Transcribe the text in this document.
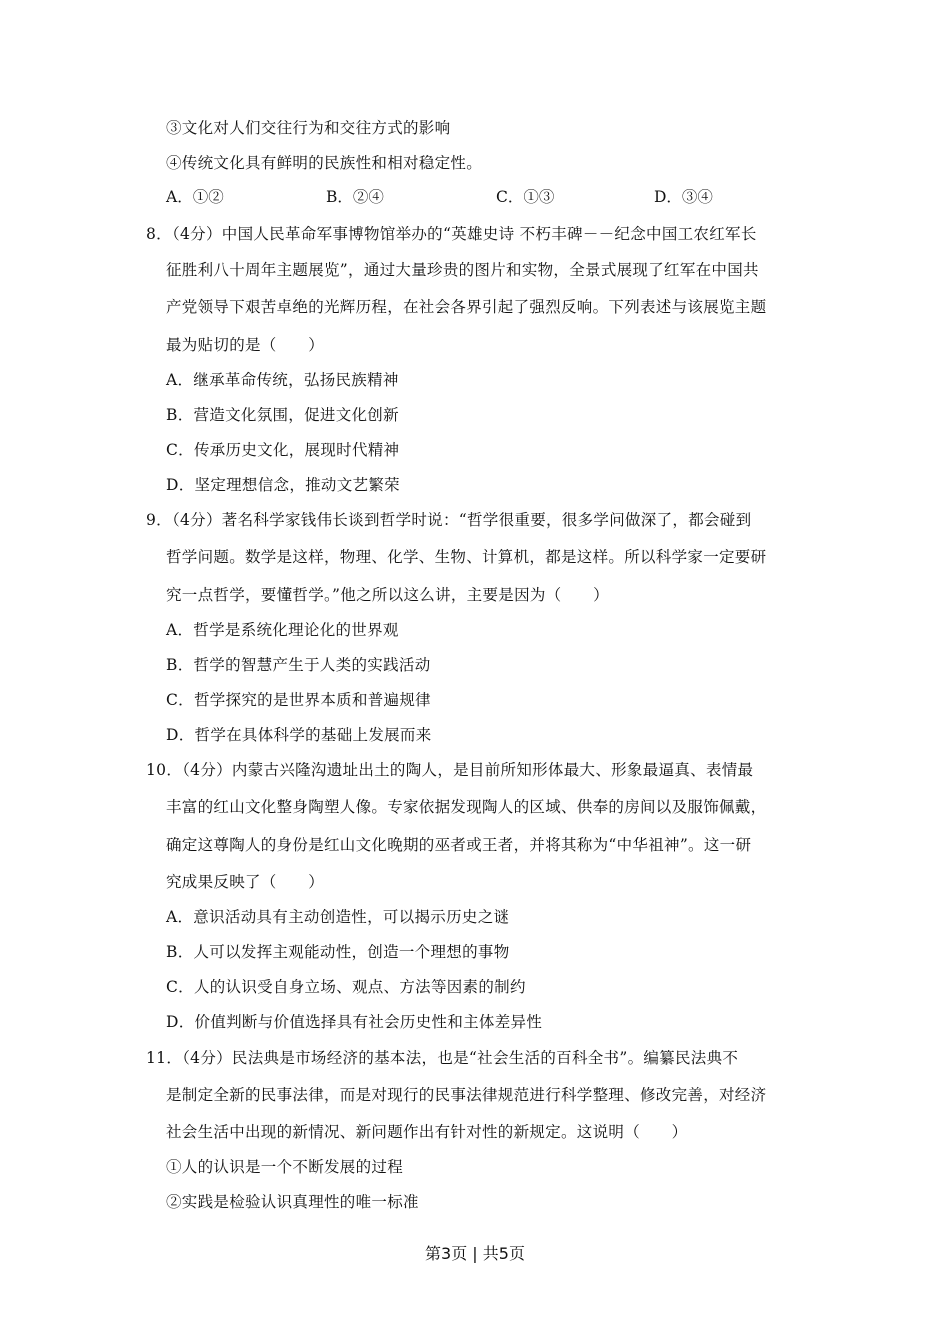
③文化对人们交往行为和交往方式的影响
④传统文化具有鲜明的民族性和相对稳定性。
A．①②	B．②④	C．①③	D．③④
8．（4分）中国人民革命军事博物馆举办的“英雄史诗 不朽丰碑－－纪念中国工农红军长
征胜利八十周年主题展览”，通过大量珍贵的图片和实物，全景式展现了红军在中国共
产党领导下艰苦卓绝的光辉历程，在社会各界引起了强烈反响。下列表述与该展览主题
最为贴切的是（　　）
A．继承革命传统，弘扬民族精神
B．营造文化氛围，促进文化创新
C．传承历史文化，展现时代精神
D．坚定理想信念，推动文艺繁荣
9．（4分）著名科学家钱伟长谈到哲学时说：“哲学很重要，很多学问做深了，都会碰到
哲学问题。数学是这样，物理、化学、生物、计算机，都是这样。所以科学家一定要研
究一点哲学，要懂哲学。”他之所以这么讲，主要是因为（　　）
A．哲学是系统化理论化的世界观
B．哲学的智慧产生于人类的实践活动
C．哲学探究的是世界本质和普遍规律
D．哲学在具体科学的基础上发展而来
10．（4分）内蒙古兴隆沟遗址出土的陶人，是目前所知形体最大、形象最逼真、表情最
丰富的红山文化整身陶塑人像。专家依据发现陶人的区域、供奉的房间以及服饰佩戴，
确定这尊陶人的身份是红山文化晚期的巫者或王者，并将其称为“中华祖神”。这一研
究成果反映了（　　）
A．意识活动具有主动创造性，可以揭示历史之谜
B．人可以发挥主观能动性，创造一个理想的事物
C．人的认识受自身立场、观点、方法等因素的制约
D．价值判断与价值选择具有社会历史性和主体差异性
11．（4分）民法典是市场经济的基本法，也是“社会生活的百科全书”。编纂民法典不
是制定全新的民事法律，而是对现行的民事法律规范进行科学整理、修改完善，对经济
社会生活中出现的新情况、新问题作出有针对性的新规定。这说明（　　）
①人的认识是一个不断发展的过程
②实践是检验认识真理性的唯一标准
第3页 | 共5页
